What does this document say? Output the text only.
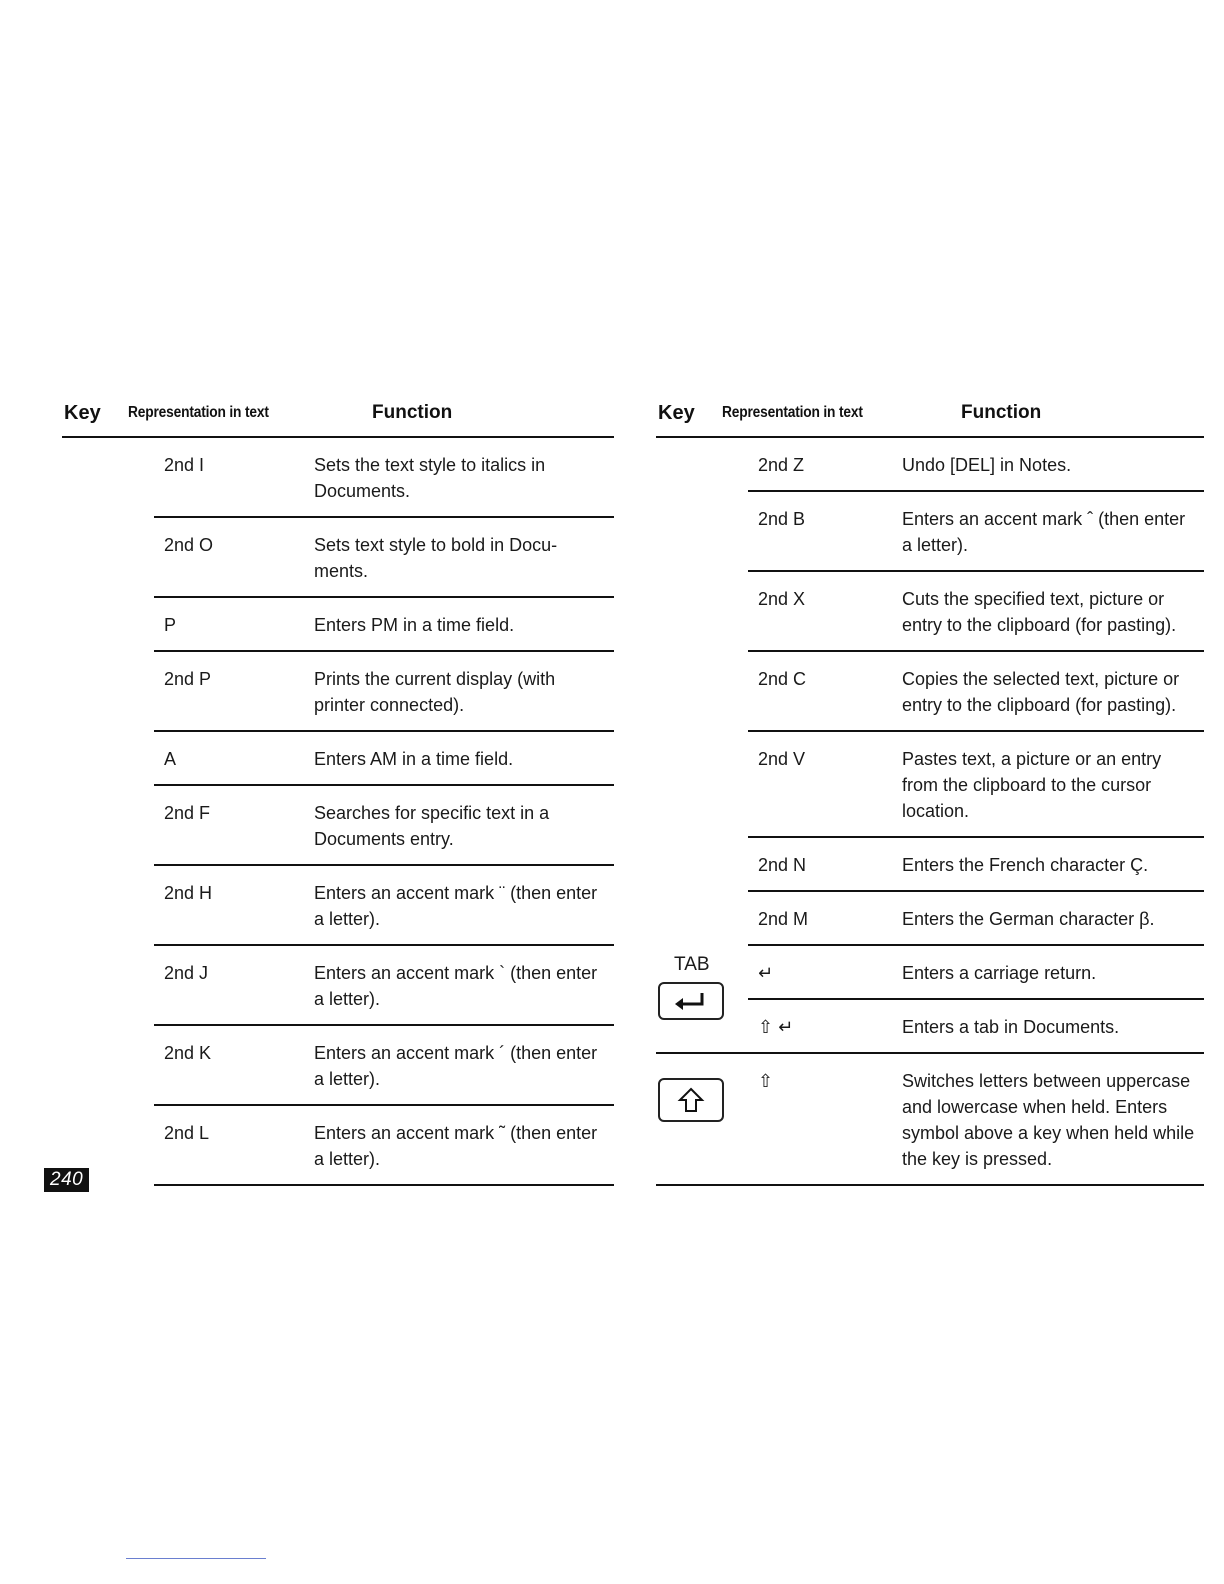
Key Representation in text	Function
2nd I	Sets the text style to italics in Documents.
2nd O	Sets text style to bold in Docu-ments.
P	Enters PM in a time field.
2nd P	Prints the current display (with printer connected).
A	Enters AM in a time field.
2nd F	Searches for specific text in a Documents entry.
2nd H	Enters an accent mark ¨ (then enter a letter).
2nd J	Enters an accent mark ` (then enter a letter).
2nd K	Enters an accent mark ´ (then enter a letter).
2nd L	Enters an accent mark ˜ (then enter a letter).
Key Representation in text	Function
2nd Z	Undo [DEL] in Notes.
2nd B	Enters an accent mark ˆ (then enter a letter).
2nd X	Cuts the specified text, picture or entry to the clipboard (for pasting).
2nd C	Copies the selected text, picture or entry to the clipboard (for pasting).
2nd V	Pastes text, a picture or an entry from the clipboard to the cursor location.
2nd N	Enters the French character Ç.
2nd M	Enters the German character β.
TAB	↵	Enters a carriage return.
⇧ ↵	Enters a tab in Documents.
⇧	Switches letters between uppercase and lowercase when held. Enters symbol above a key when held while the key is pressed.
240
